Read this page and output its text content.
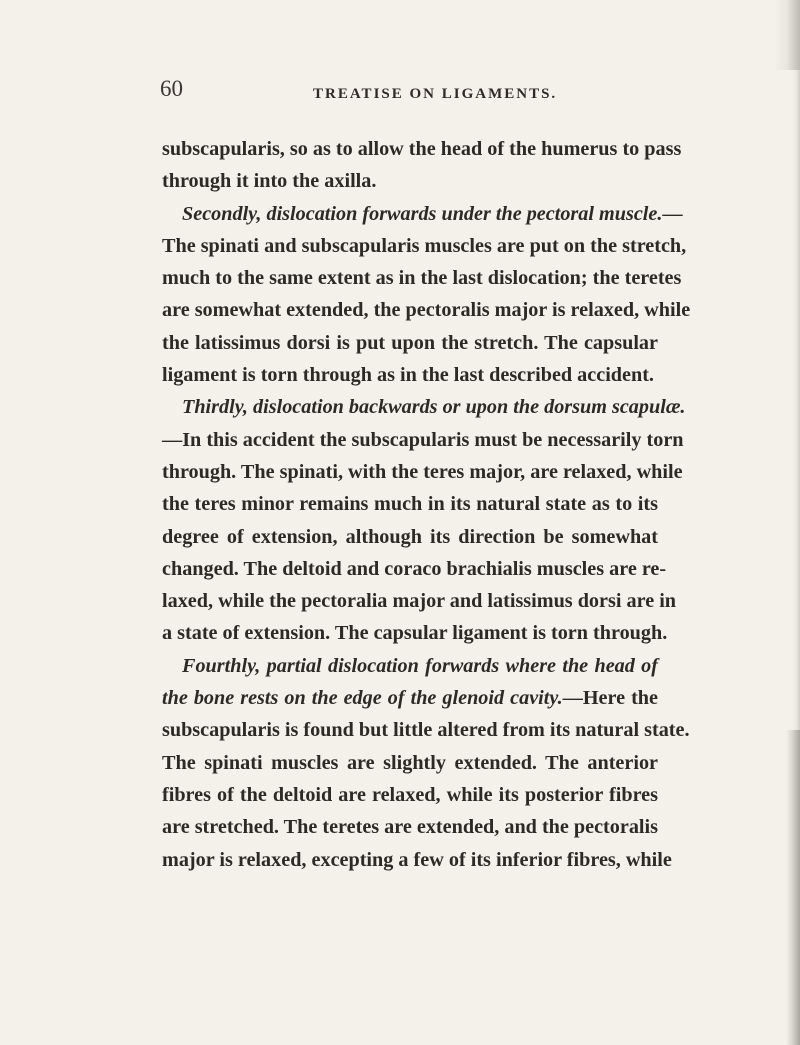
60	TREATISE ON LIGAMENTS.
subscapularis, so as to allow the head of the humerus to pass
through it into the axilla.
Secondly, dislocation forwards under the pectoral muscle.—
The spinati and subscapularis muscles are put on the stretch,
much to the same extent as in the last dislocation; the teretes
are somewhat extended, the pectoralis major is relaxed, while
the latissimus dorsi is put upon the stretch. The capsular
ligament is torn through as in the last described accident.
Thirdly, dislocation backwards or upon the dorsum scapulæ.
—In this accident the subscapularis must be necessarily torn
through. The spinati, with the teres major, are relaxed, while
the teres minor remains much in its natural state as to its
degree of extension, although its direction be somewhat
changed. The deltoid and coraco brachialis muscles are re-
laxed, while the pectoralia major and latissimus dorsi are in
a state of extension. The capsular ligament is torn through.
Fourthly, partial dislocation forwards where the head of
the bone rests on the edge of the glenoid cavity.—Here the
subscapularis is found but little altered from its natural state.
The spinati muscles are slightly extended. The anterior
fibres of the deltoid are relaxed, while its posterior fibres
are stretched. The teretes are extended, and the pectoralis
major is relaxed, excepting a few of its inferior fibres, while
